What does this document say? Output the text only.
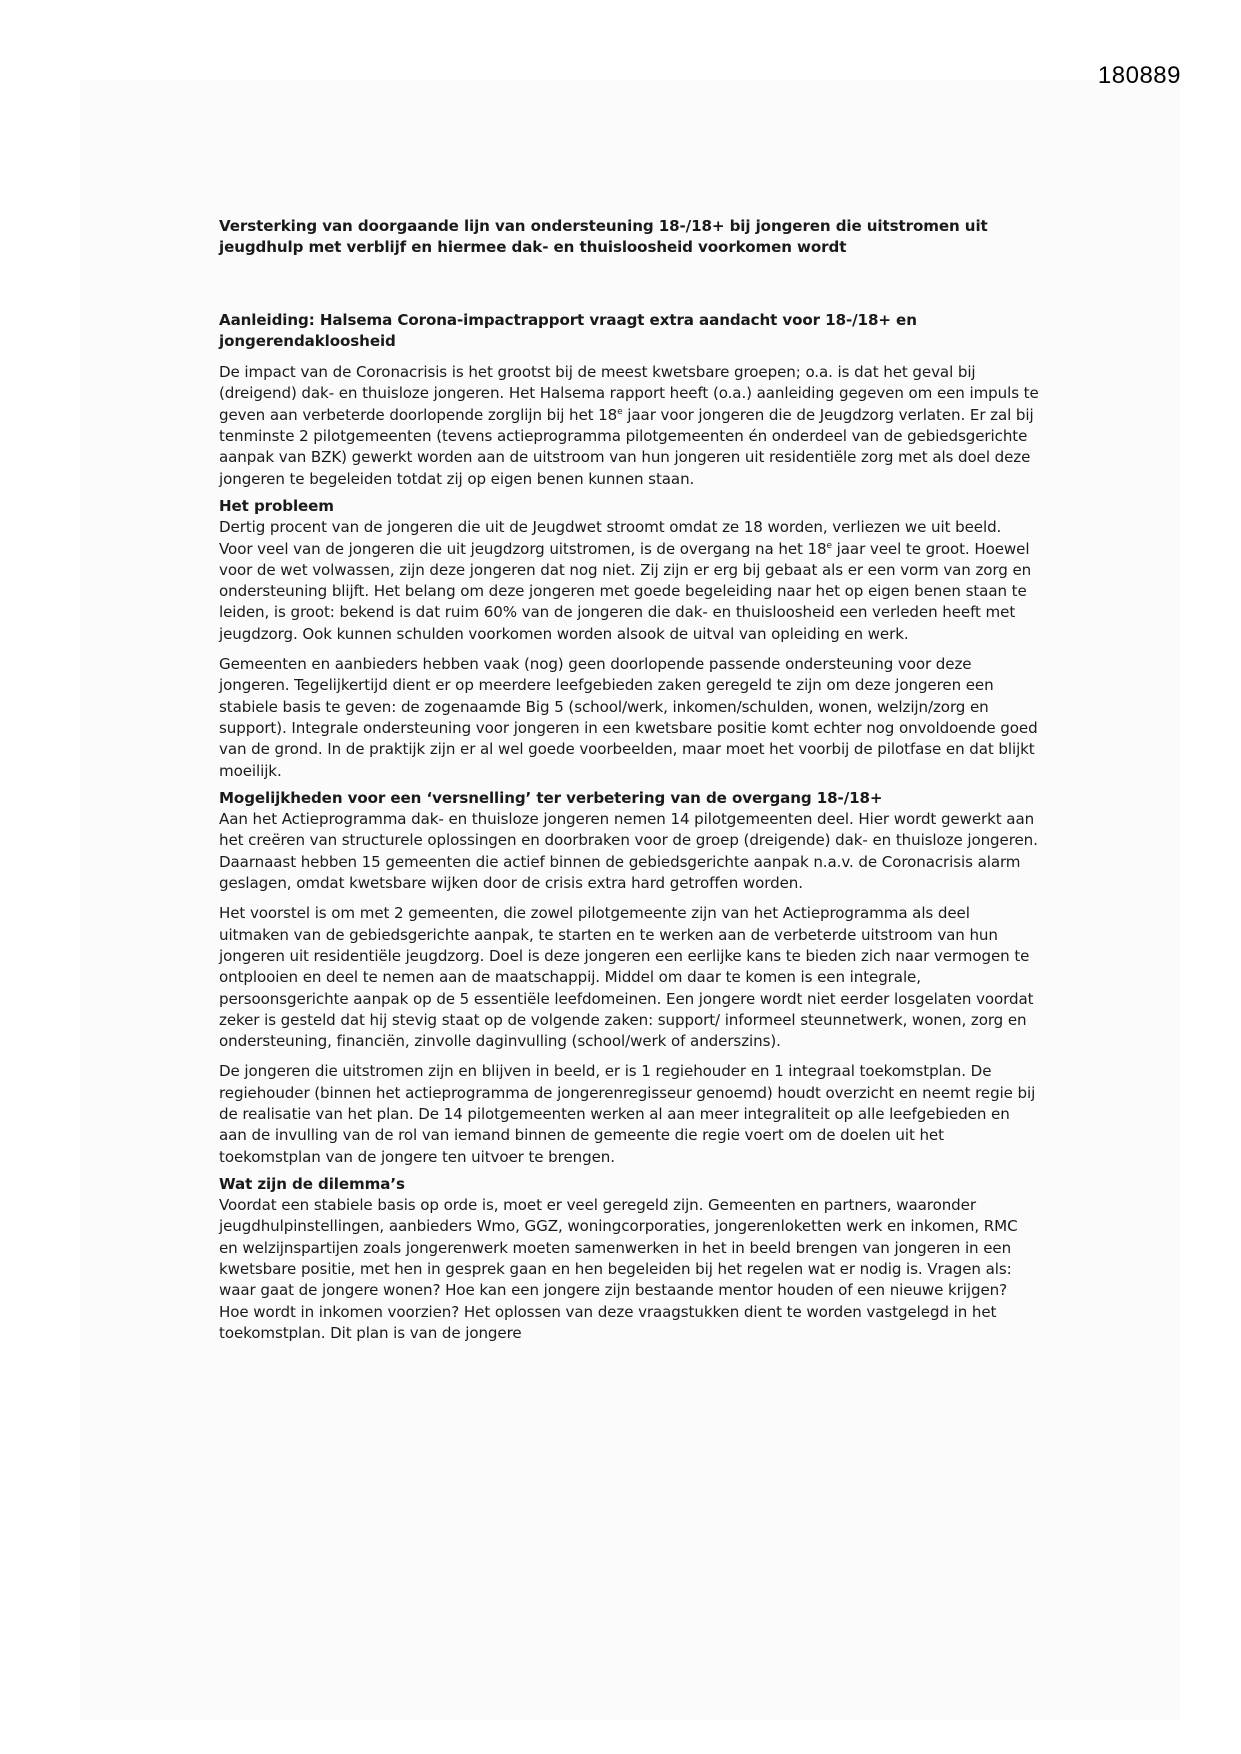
180889
Versterking van doorgaande lijn van ondersteuning 18-/18+ bij jongeren die uitstromen uit jeugdhulp met verblijf en hiermee dak- en thuisloosheid voorkomen wordt
Aanleiding: Halsema Corona-impactrapport vraagt extra aandacht voor 18-/18+ en jongerendakloosheid

De impact van de Coronacrisis is het grootst bij de meest kwetsbare groepen; o.a. is dat het geval bij (dreigend) dak- en thuisloze jongeren. Het Halsema rapport heeft (o.a.) aanleiding gegeven om een impuls te geven aan verbeterde doorlopende zorglijn bij het 18e jaar voor jongeren die de Jeugdzorg verlaten. Er zal bij tenminste 2 pilotgemeenten (tevens actieprogramma pilotgemeenten én onderdeel van de gebiedsgerichte aanpak van BZK) gewerkt worden aan de uitstroom van hun jongeren uit residentiële zorg met als doel deze jongeren te begeleiden totdat zij op eigen benen kunnen staan.

Het probleem

Dertig procent van de jongeren die uit de Jeugdwet stroomt omdat ze 18 worden, verliezen we uit beeld. Voor veel van de jongeren die uit jeugdzorg uitstromen, is de overgang na het 18e jaar veel te groot. Hoewel voor de wet volwassen, zijn deze jongeren dat nog niet. Zij zijn er erg bij gebaat als er een vorm van zorg en ondersteuning blijft. Het belang om deze jongeren met goede begeleiding naar het op eigen benen staan te leiden, is groot: bekend is dat ruim 60% van de jongeren die dak- en thuisloosheid een verleden heeft met jeugdzorg. Ook kunnen schulden voorkomen worden alsook de uitval van opleiding en werk.

Gemeenten en aanbieders hebben vaak (nog) geen doorlopende passende ondersteuning voor deze jongeren. Tegelijkertijd dient er op meerdere leefgebieden zaken geregeld te zijn om deze jongeren een stabiele basis te geven: de zogenaamde Big 5 (school/werk, inkomen/schulden, wonen, welzijn/zorg en support). Integrale ondersteuning voor jongeren in een kwetsbare positie komt echter nog onvoldoende goed van de grond. In de praktijk zijn er al wel goede voorbeelden, maar moet het voorbij de pilotfase en dat blijkt moeilijk.

Mogelijkheden voor een ‘versnelling’ ter verbetering van de overgang 18-/18+

Aan het Actieprogramma dak- en thuisloze jongeren nemen 14 pilotgemeenten deel. Hier wordt gewerkt aan het creëren van structurele oplossingen en doorbraken voor de groep (dreigende) dak- en thuisloze jongeren. Daarnaast hebben 15 gemeenten die actief binnen de gebiedsgerichte aanpak n.a.v. de Coronacrisis alarm geslagen, omdat kwetsbare wijken door de crisis extra hard getroffen worden.

Het voorstel is om met 2 gemeenten, die zowel pilotgemeente zijn van het Actieprogramma als deel uitmaken van de gebiedsgerichte aanpak, te starten en te werken aan de verbeterde uitstroom van hun jongeren uit residentiële jeugdzorg. Doel is deze jongeren een eerlijke kans te bieden zich naar vermogen te ontplooien en deel te nemen aan de maatschappij. Middel om daar te komen is een integrale, persoonsgerichte aanpak op de 5 essentiële leefdomeinen. Een jongere wordt niet eerder losgelaten voordat zeker is gesteld dat hij stevig staat op de volgende zaken: support/ informeel steunnetwerk, wonen, zorg en ondersteuning, financiën, zinvolle daginvulling (school/werk of anderszins).

De jongeren die uitstromen zijn en blijven in beeld, er is 1 regiehouder en 1 integraal toekomstplan. De regiehouder (binnen het actieprogramma de jongerenregisseur genoemd) houdt overzicht en neemt regie bij de realisatie van het plan. De 14 pilotgemeenten werken al aan meer integraliteit op alle leefgebieden en aan de invulling van de rol van iemand binnen de gemeente die regie voert om de doelen uit het toekomstplan van de jongere ten uitvoer te brengen.

Wat zijn de dilemma’s

Voordat een stabiele basis op orde is, moet er veel geregeld zijn. Gemeenten en partners, waaronder jeugdhulpinstellingen, aanbieders Wmo, GGZ, woningcorporaties, jongerenloketten werk en inkomen, RMC en welzijnspartijen zoals jongerenwerk moeten samenwerken in het in beeld brengen van jongeren in een kwetsbare positie, met hen in gesprek gaan en hen begeleiden bij het regelen wat er nodig is. Vragen als: waar gaat de jongere wonen? Hoe kan een jongere zijn bestaande mentor houden of een nieuwe krijgen? Hoe wordt in inkomen voorzien? Het oplossen van deze vraagstukken dient te worden vastgelegd in het toekomstplan. Dit plan is van de jongere
